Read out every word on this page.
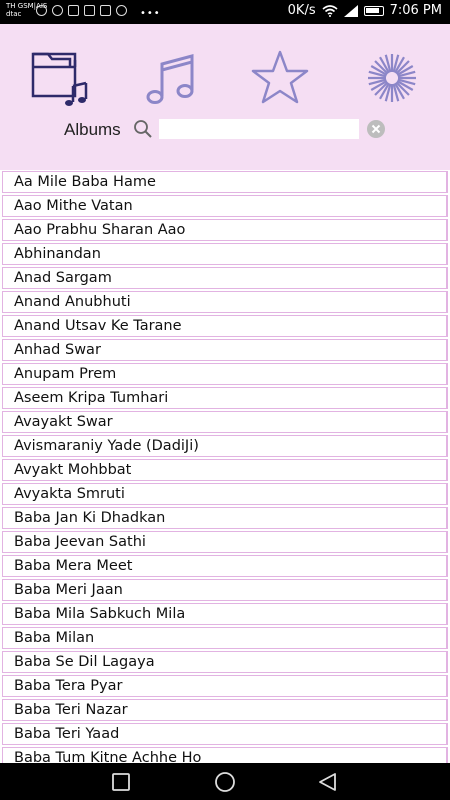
TH GSM|AIS
dtac	•••	0K/s	7:06 PM
Albums
Aa Mile Baba Hame
Aao Mithe Vatan
Aao Prabhu Sharan Aao
Abhinandan
Anad Sargam
Anand Anubhuti
Anand Utsav Ke Tarane
Anhad Swar
Anupam Prem
Aseem Kripa Tumhari
Avayakt Swar
Avismaraniy Yade (DadiJi)
Avyakt Mohbbat
Avyakta Smruti
Baba Jan Ki Dhadkan
Baba Jeevan Sathi
Baba Mera Meet
Baba Meri Jaan
Baba Mila Sabkuch Mila
Baba Milan
Baba Se Dil Lagaya
Baba Tera Pyar
Baba Teri Nazar
Baba Teri Yaad
Baba Tum Kitne Achhe Ho
